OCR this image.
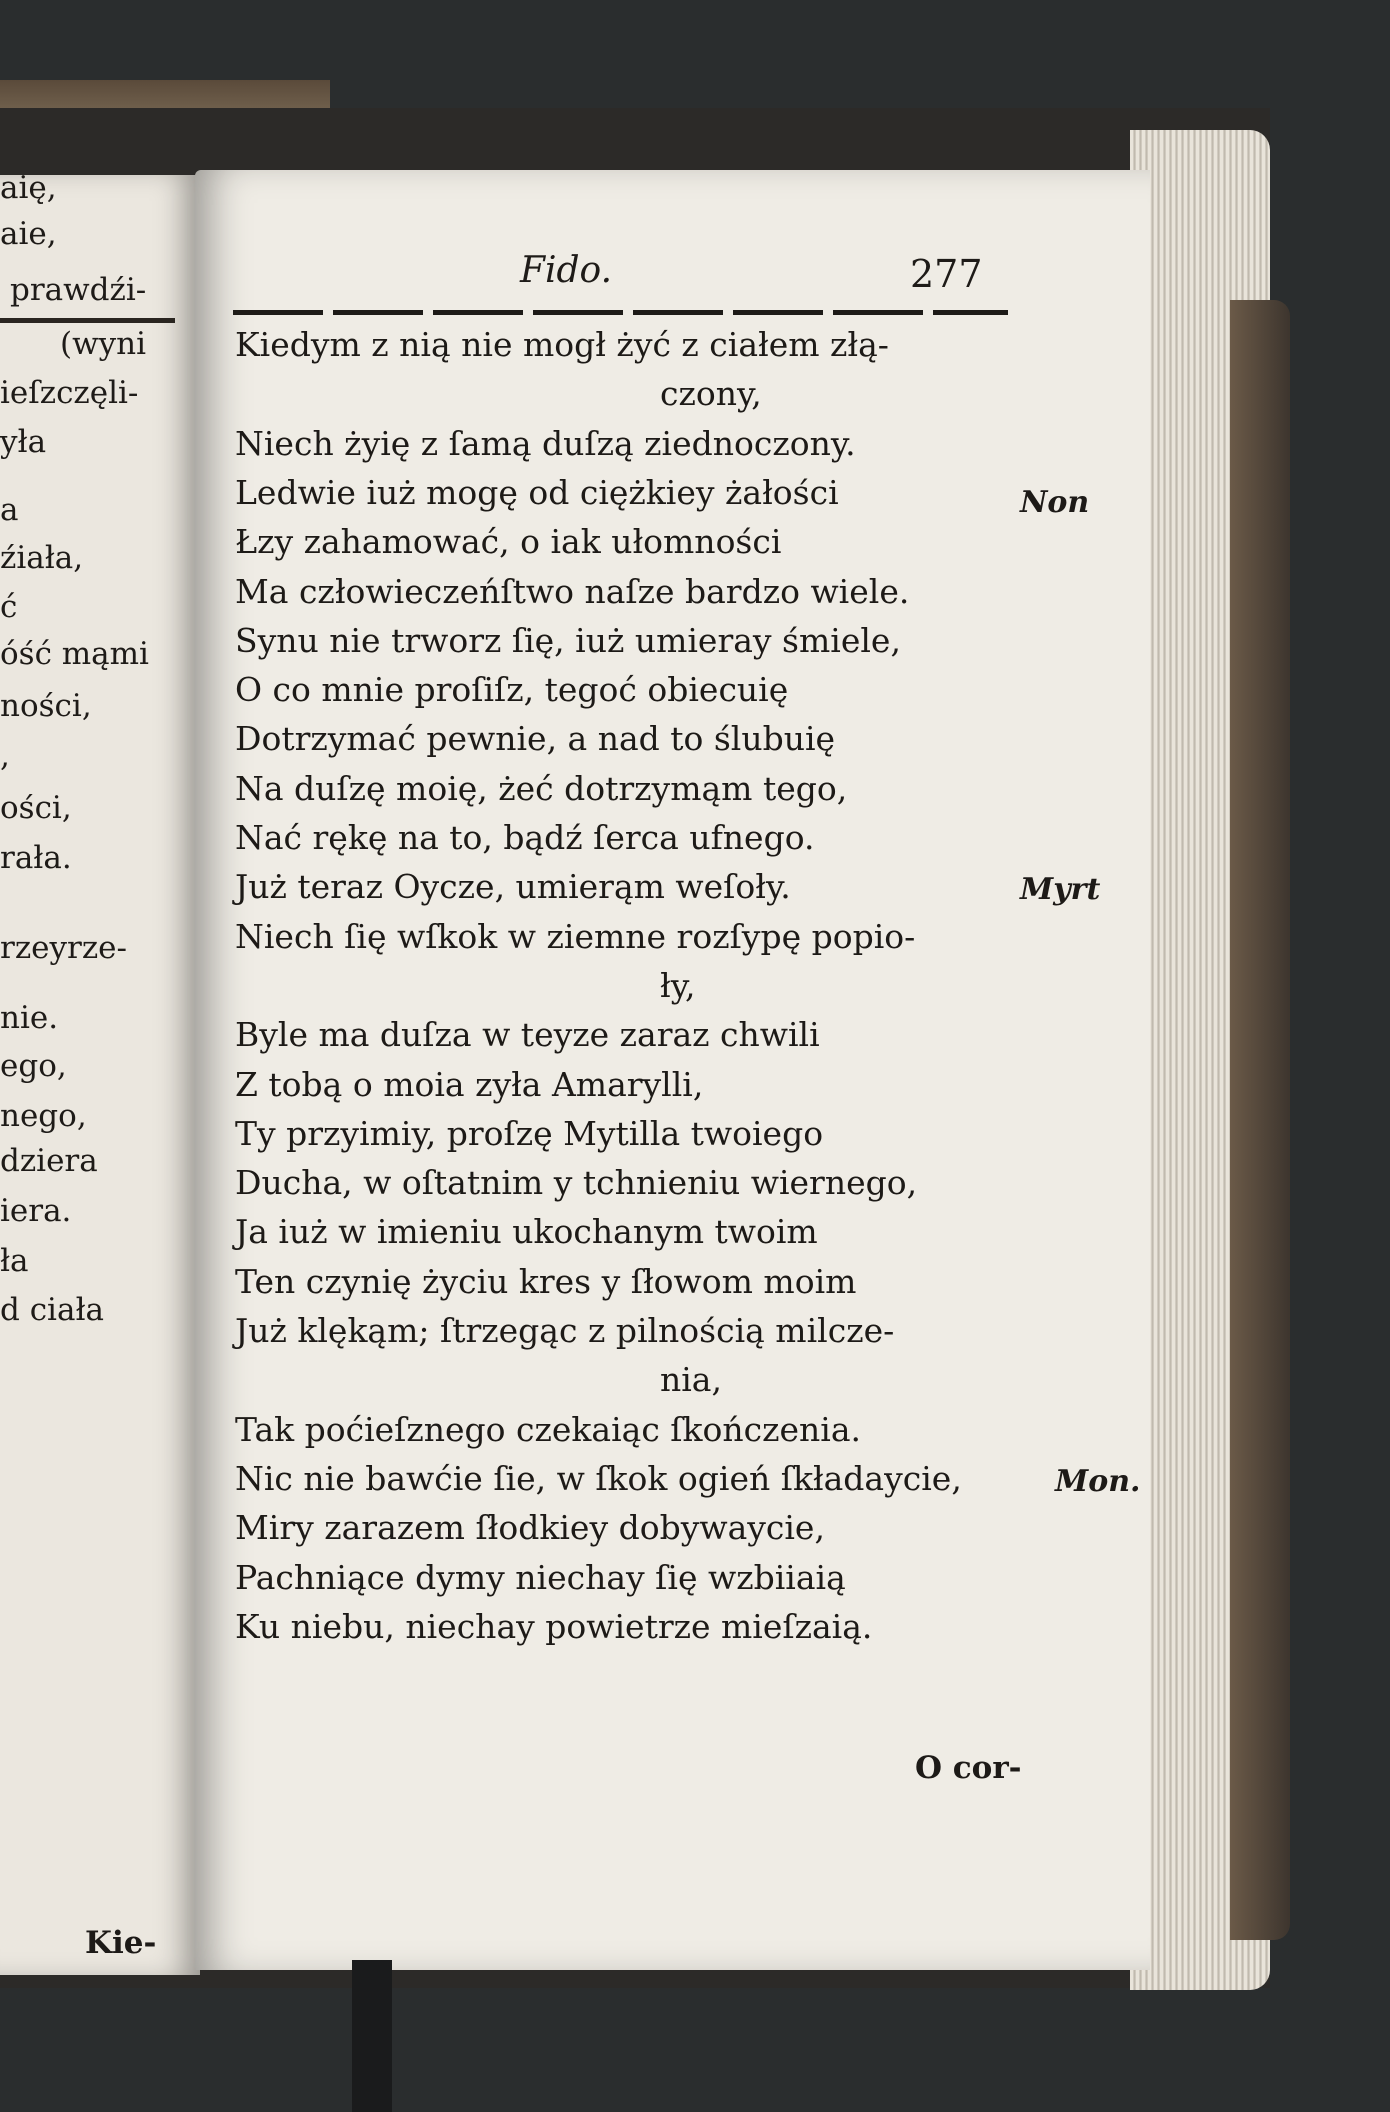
aię,
aie,
prawdźi-
(wyni
ieſzczęli-
yła
a
źiała,
ć
óść mąmi
ności,
,
ości,
rała.
rzeyrze-
nie.
ego,
nego,
dziera
iera.
ła
d ciała
Kie-
Fido.	277
Kiedym z nią nie mogł żyć z ciałem złą-
czony,
Niech żyię z ſamą duſzą ziednoczony.
Ledwie iuż mogę od ciężkiey żałości
Łzy zahamować, o iak ułomności
Ma człowieczeńſtwo naſze bardzo wiele.
Synu nie trworz ſię, iuż umieray śmiele,
O co mnie proſiſz, tegoć obiecuię
Dotrzymać pewnie, a nad to ślubuię
Na duſzę moię, żeć dotrzymąm tego,
Nać rękę na to, bądź ſerca ufnego.
Już teraz Oycze, umierąm weſoły.
Niech ſię wſkok w ziemne rozſypę popio-
ły,
Byle ma duſza w teyze zaraz chwili
Z tobą o moia zyła Amarylli,
Ty przyimiy, proſzę Mytilla twoiego
Ducha, w oſtatnim y tchnieniu wiernego,
Ja iuż w imieniu ukochanym twoim
Ten czynię życiu kres y ſłowom moim
Już klękąm; ſtrzegąc z pilnością milcze-
nia,
Tak poćieſznego czekaiąc ſkończenia.
Nic nie bawćie ſie, w ſkok ogień ſkładaycie,
Miry zarazem ſłodkiey dobywaycie,
Pachniące dymy niechay ſię wzbiiaią
Ku niebu, niechay powietrze mieſzaią.
Non
Myrt
Mon.
O cor-
